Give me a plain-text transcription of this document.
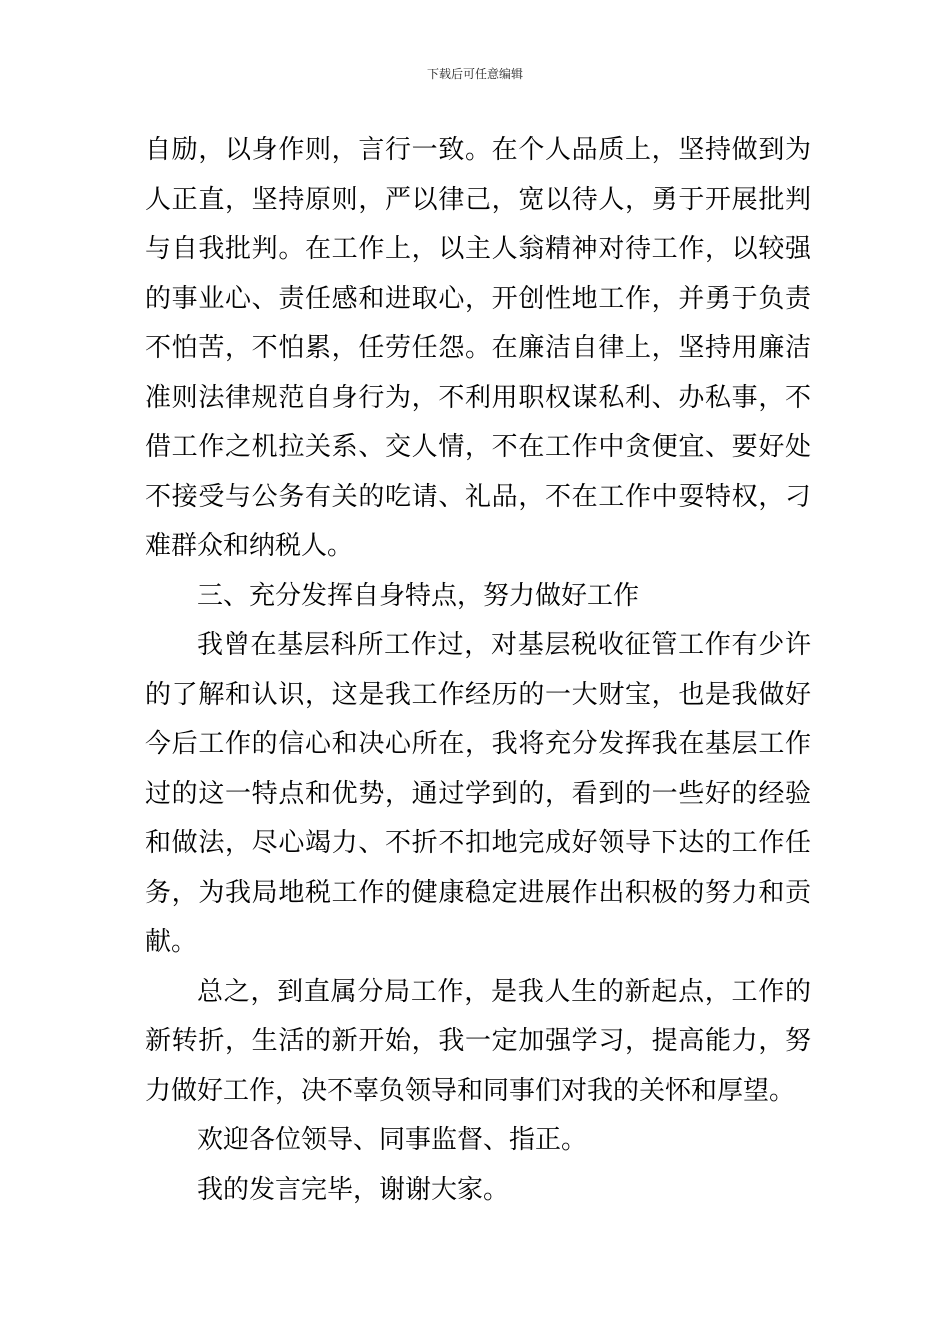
下载后可任意编辑

自励，以身作则，言行一致。在个人品质上，坚持做到为人正直，坚持原则，严以律己，宽以待人，勇于开展批判与自我批判。在工作上，以主人翁精神对待工作，以较强的事业心、责任感和进取心，开创性地工作，并勇于负责不怕苦，不怕累，任劳任怨。在廉洁自律上，坚持用廉洁准则法律规范自身行为，不利用职权谋私利、办私事，不借工作之机拉关系、交人情，不在工作中贪便宜、要好处不接受与公务有关的吃请、礼品，不在工作中耍特权，刁难群众和纳税人。

三、充分发挥自身特点，努力做好工作

我曾在基层科所工作过，对基层税收征管工作有少许的了解和认识，这是我工作经历的一大财宝，也是我做好今后工作的信心和决心所在，我将充分发挥我在基层工作过的这一特点和优势，通过学到的，看到的一些好的经验和做法，尽心竭力、不折不扣地完成好领导下达的工作任务，为我局地税工作的健康稳定进展作出积极的努力和贡献。

总之，到直属分局工作，是我人生的新起点，工作的新转折，生活的新开始，我一定加强学习，提高能力，努力做好工作，决不辜负领导和同事们对我的关怀和厚望。

欢迎各位领导、同事监督、指正。

我的发言完毕，谢谢大家。
